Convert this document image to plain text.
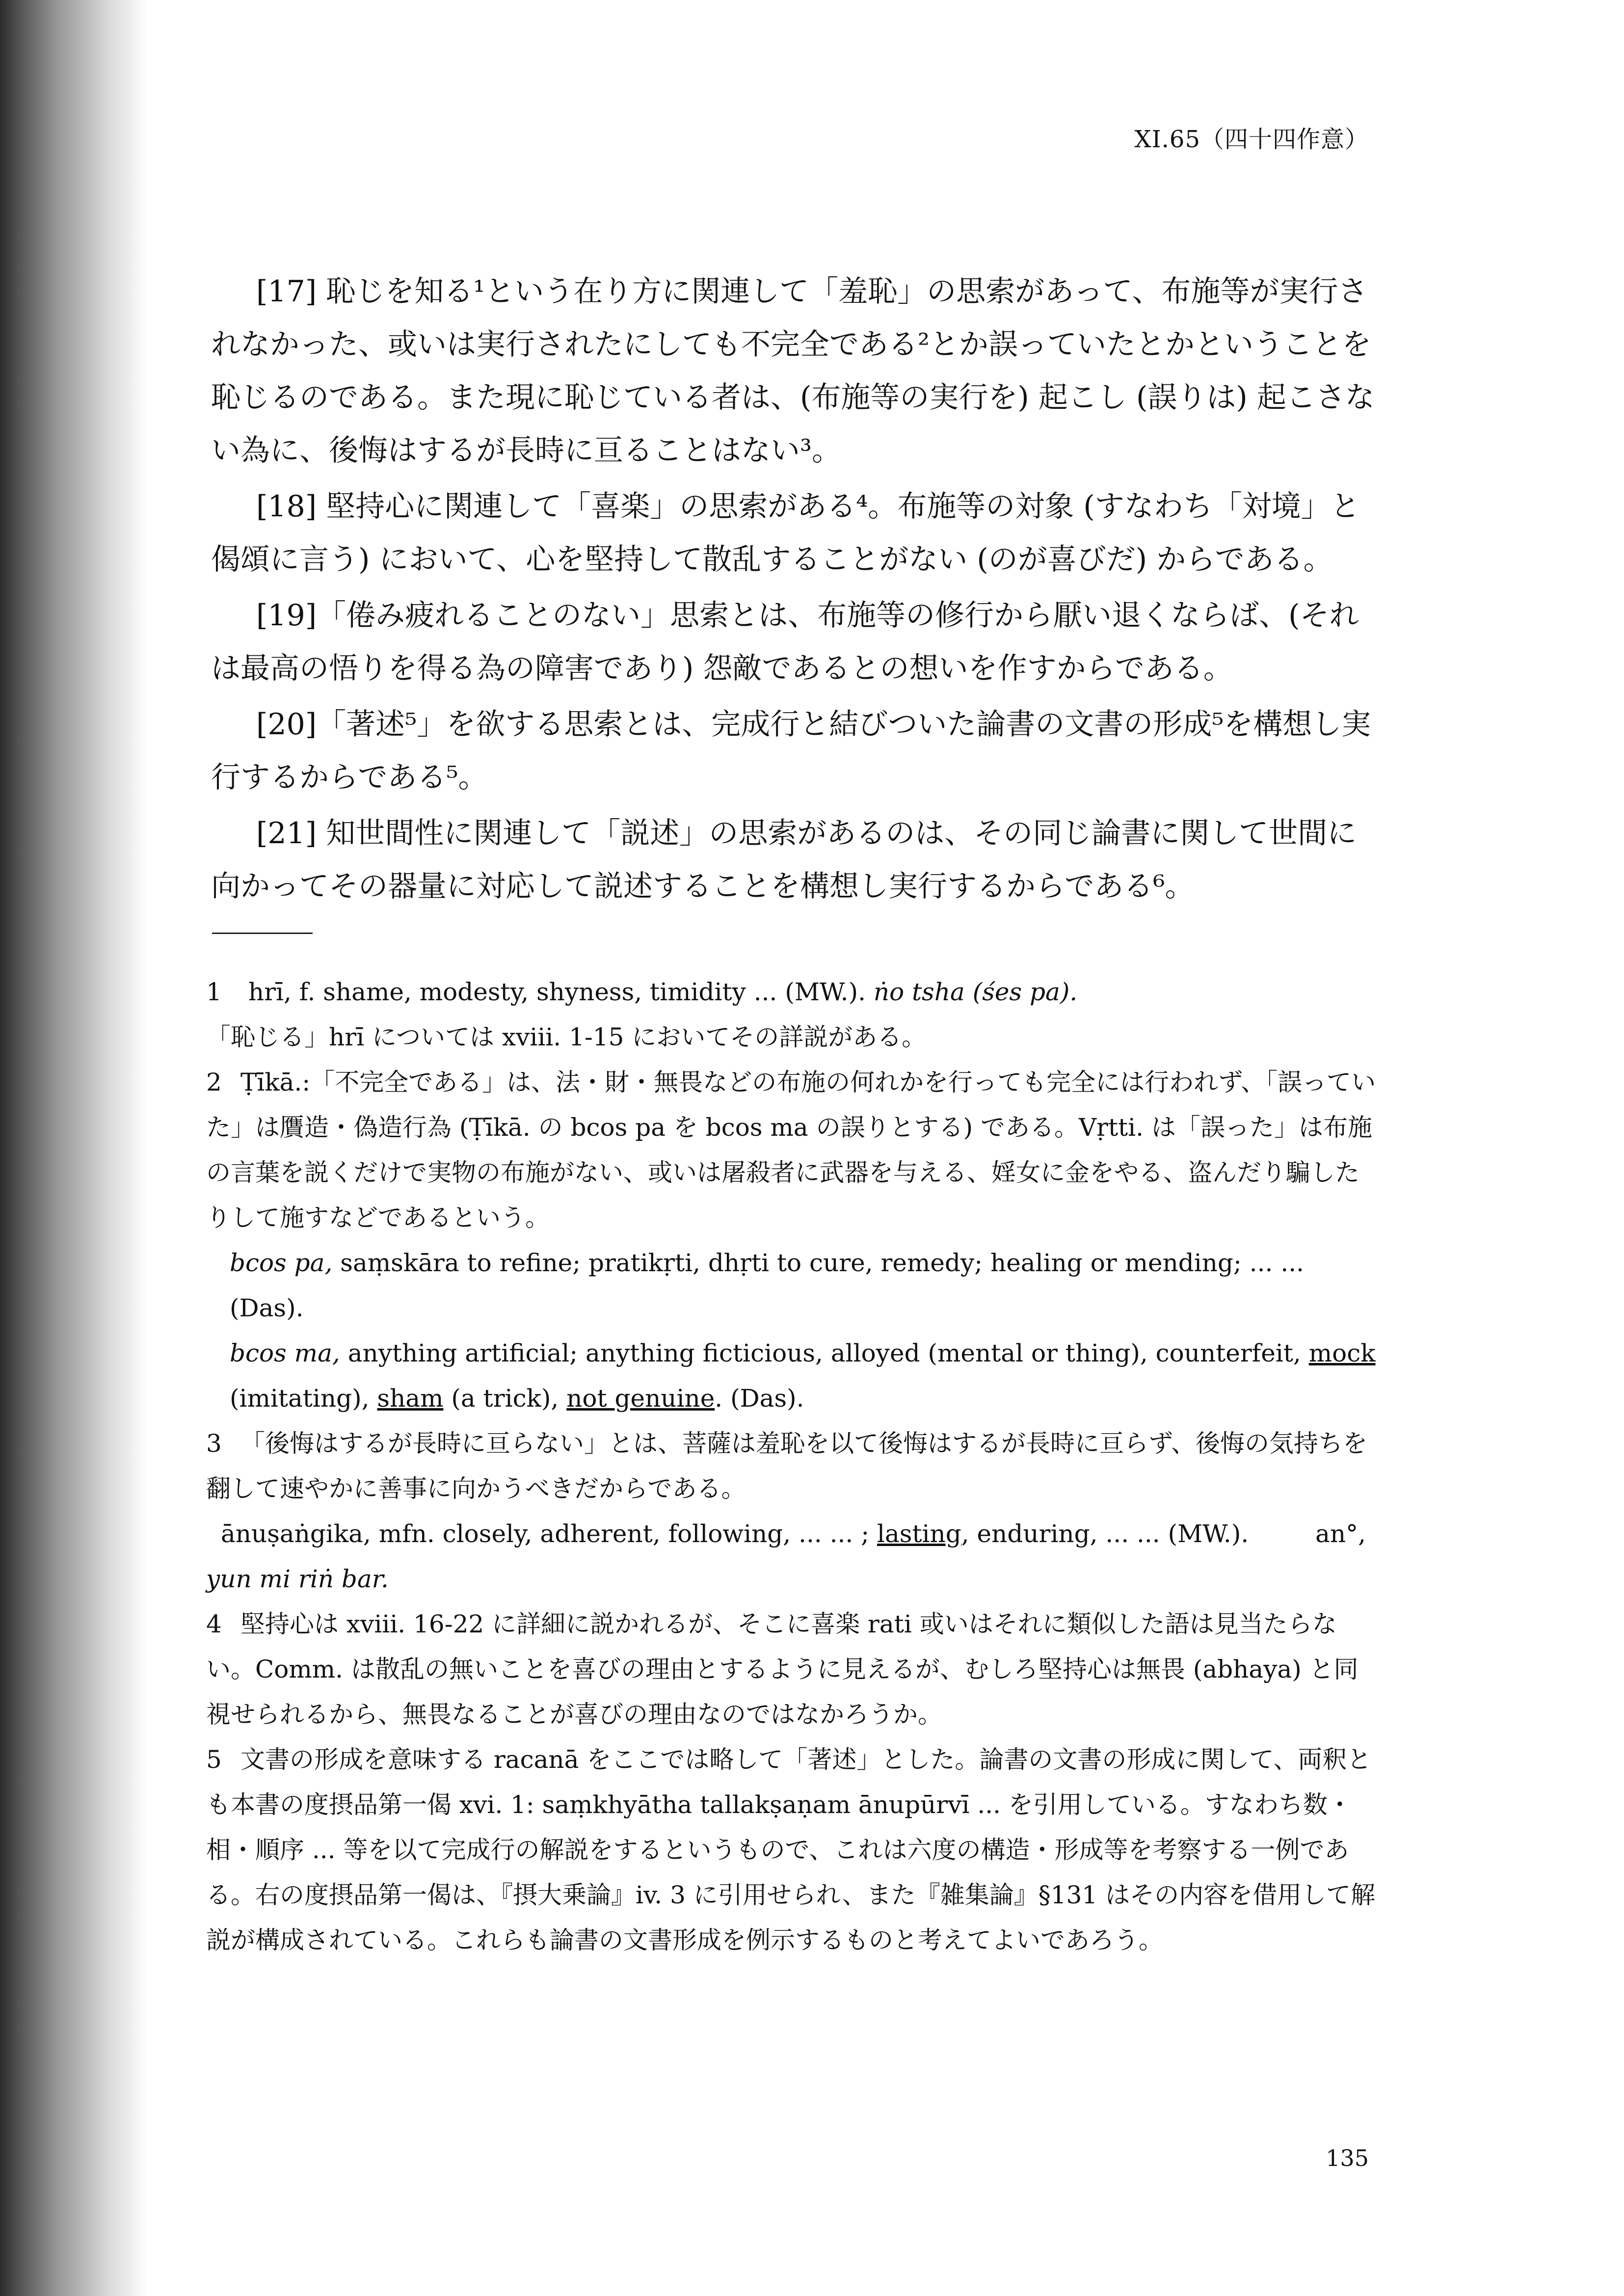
XI.65（四十四作意）

[17] 恥じを知る¹という在り方に関連して「羞恥」の思索があって、布施等が実行されなかった、或いは実行されたにしても不完全である²とか誤っていたとかということを恥じるのである。また現に恥じている者は、(布施等の実行を) 起こし (誤りは) 起こさない為に、後悔はするが長時に亘ることはない³。

[18] 堅持心に関連して「喜楽」の思索がある⁴。布施等の対象 (すなわち「対境」と偈頌に言う) において、心を堅持して散乱することがない (のが喜びだ) からである。

[19]「倦み疲れることのない」思索とは、布施等の修行から厭い退くならば、(それは最高の悟りを得る為の障害であり) 怨敵であるとの想いを作すからである。

[20]「著述⁵」を欲する思索とは、完成行と結びついた論書の文書の形成⁵を構想し実行するからである⁵。

[21] 知世間性に関連して「説述」の思索があるのは、その同じ論書に関して世間に向かってその器量に対応して説述することを構想し実行するからである⁶。

1 hrī, f. shame, modesty, shyness, timidity ... (MW.). ṅo tsha (śes pa).

「恥じる」hrī については xviii. 1-15 においてその詳説がある。

2 Ṭīkā.:「不完全である」は、法・財・無畏などの布施の何れかを行っても完全には行われず、「誤っていた」は贋造・偽造行為 (Ṭīkā. の bcos pa を bcos ma の誤りとする) である。Vṛtti. は「誤った」は布施の言葉を説くだけで実物の布施がない、或いは屠殺者に武器を与える、婬女に金をやる、盗んだり騙したりして施すなどであるという。

bcos pa, saṃskāra to refine; pratikṛti, dhṛti to cure, remedy; healing or mending; ... ... (Das).

bcos ma, anything artificial; anything ficticious, alloyed (mental or thing), counterfeit, mock (imitating), sham (a trick), not genuine. (Das).

3 「後悔はするが長時に亘らない」とは、菩薩は羞恥を以て後悔はするが長時に亘らず、後悔の気持ちを翻して速やかに善事に向かうべきだからである。

ānuṣaṅgika, mfn. closely, adherent, following, ... ... ; lasting, enduring, ... ... (MW.).	an°,

yun mi riṅ bar.

4 堅持心は xviii. 16-22 に詳細に説かれるが、そこに喜楽 rati 或いはそれに類似した語は見当たらない。Comm. は散乱の無いことを喜びの理由とするように見えるが、むしろ堅持心は無畏 (abhaya) と同視せられるから、無畏なることが喜びの理由なのではなかろうか。

5 文書の形成を意味する racanā をここでは略して「著述」とした。論書の文書の形成に関して、両釈とも本書の度摂品第一偈 xvi. 1: saṃkhyātha tallakṣaṇam ānupūrvī ... を引用している。すなわち数・相・順序 ... 等を以て完成行の解説をするというもので、これは六度の構造・形成等を考察する一例である。右の度摂品第一偈は、『摂大乗論』iv. 3 に引用せられ、また『雑集論』§131 はその内容を借用して解説が構成されている。これらも論書の文書形成を例示するものと考えてよいであろう。

135
